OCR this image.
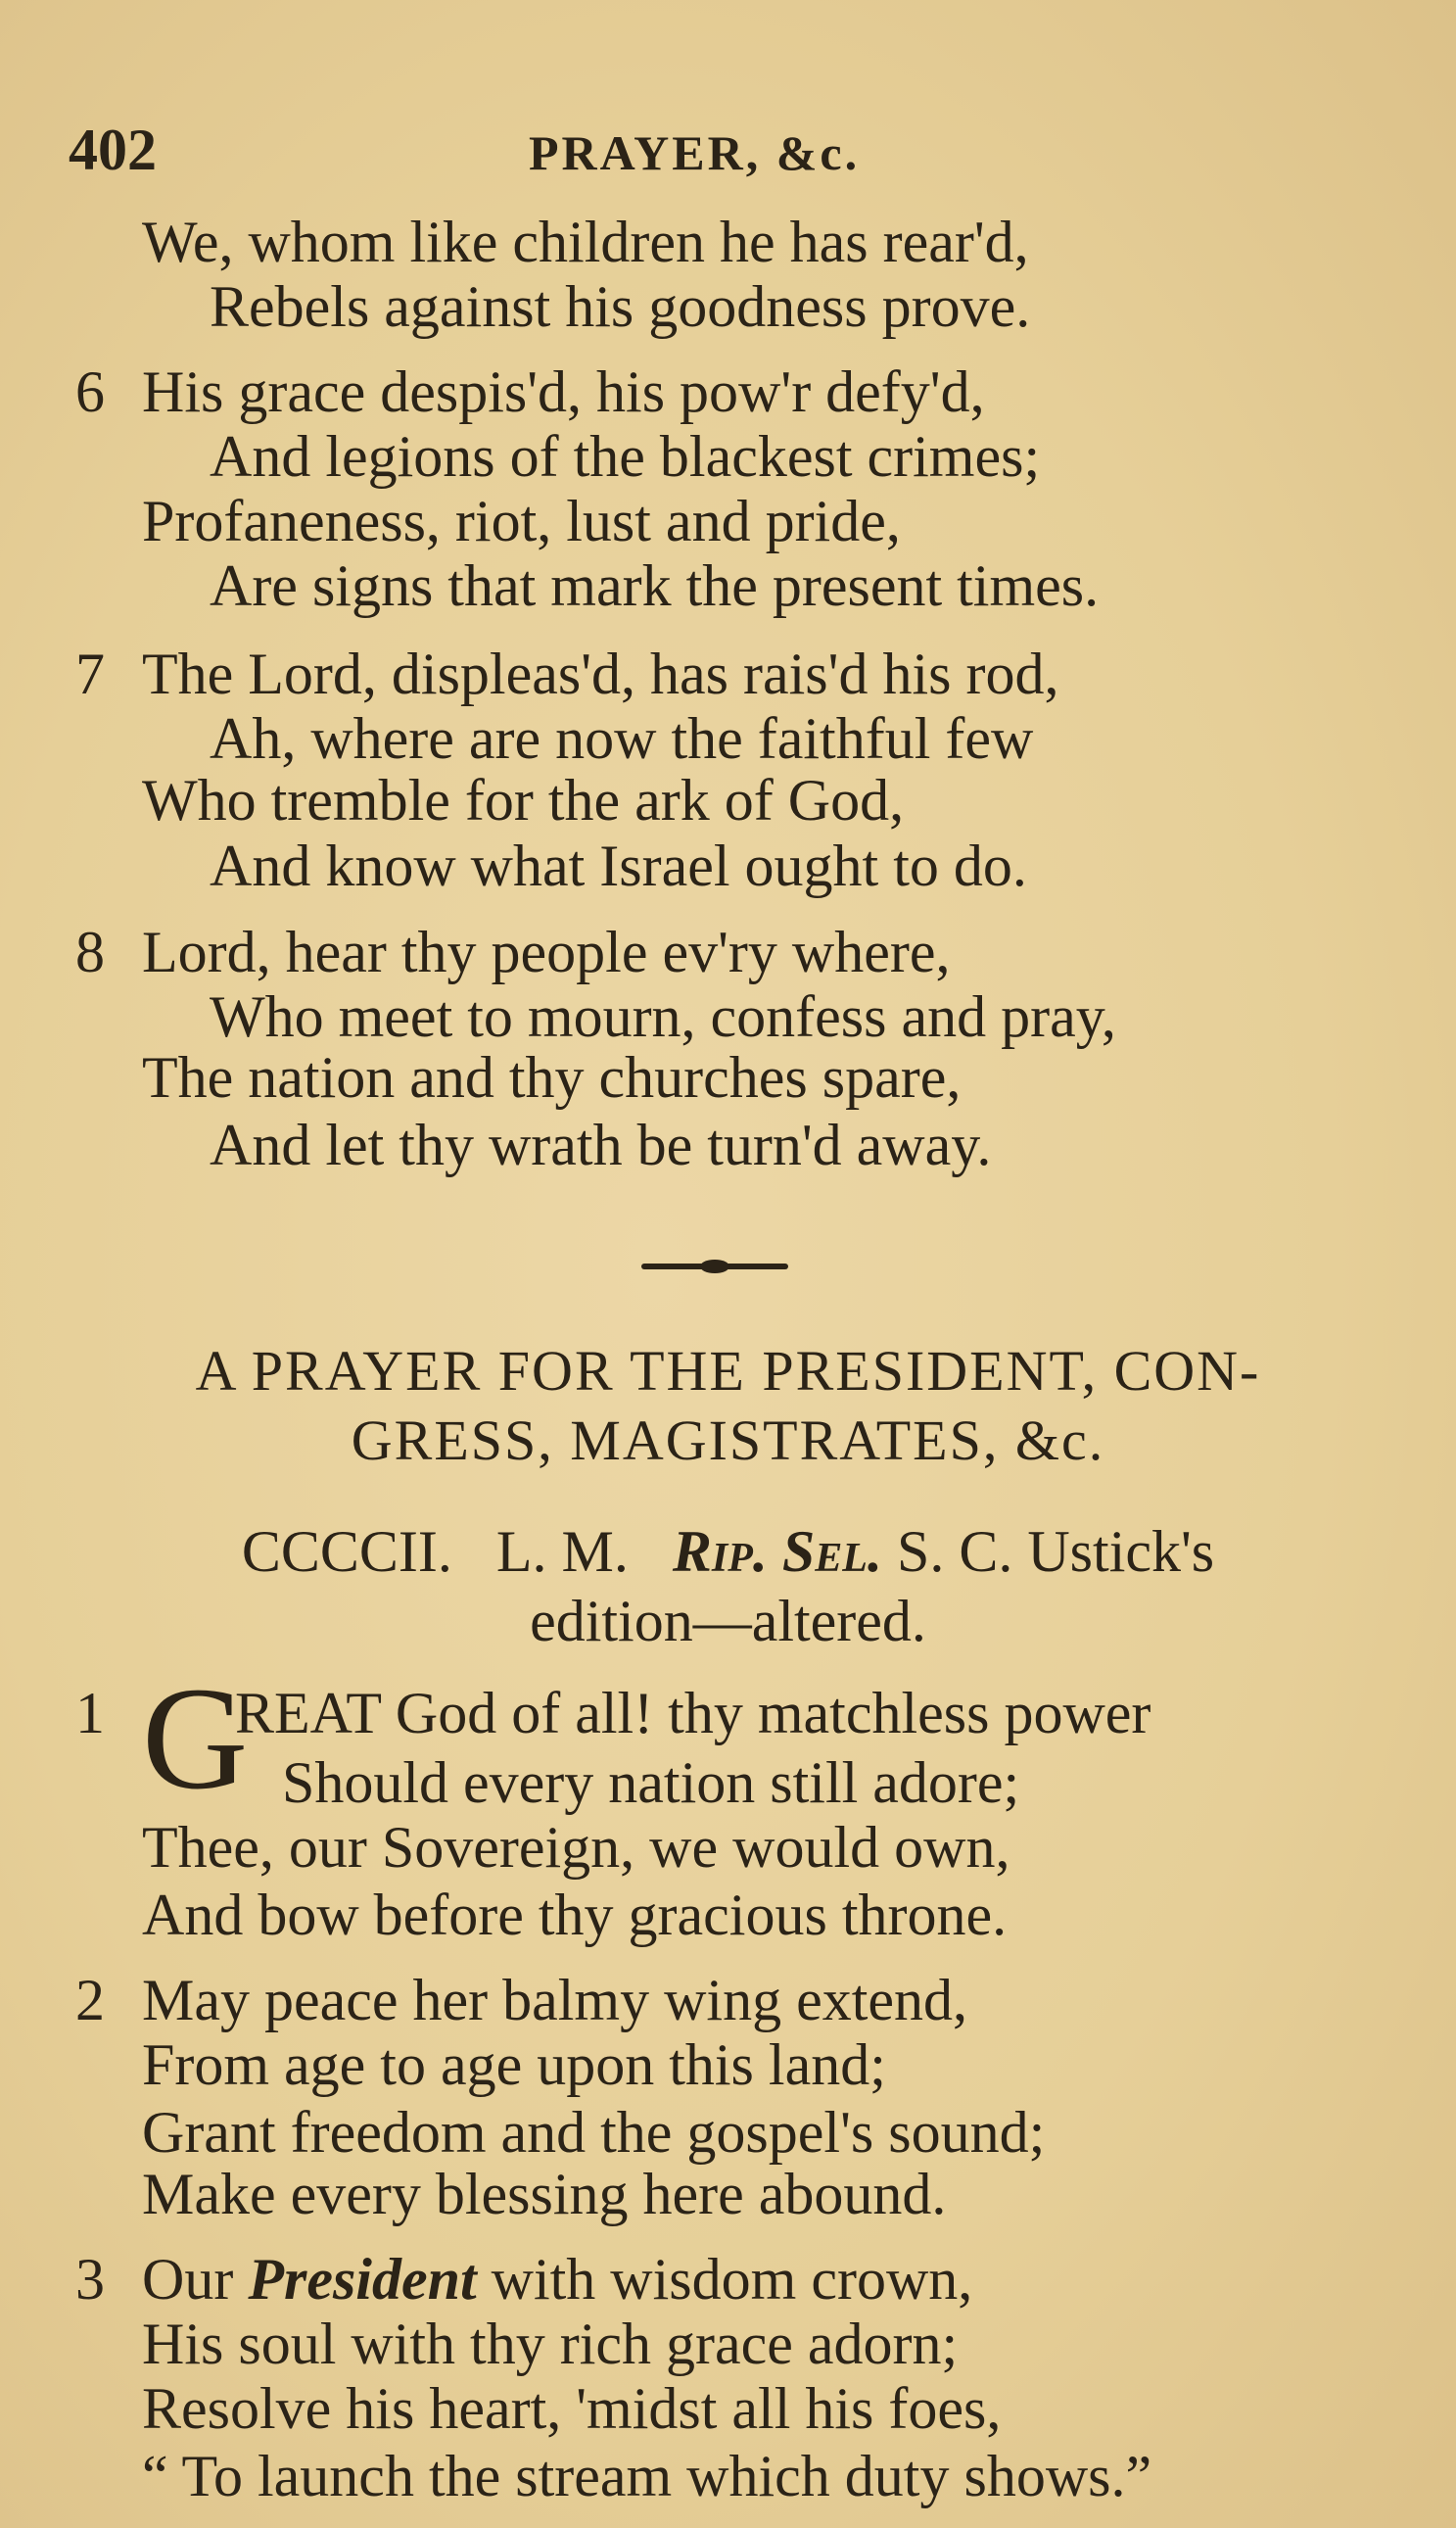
402	PRAYER, &c.
We, whom like children he has rear'd,
Rebels against his goodness prove.
6 His grace despis'd, his pow'r defy'd,
And legions of the blackest crimes;
Profaneness, riot, lust and pride,
Are signs that mark the present times.
7 The Lord, displeas'd, has rais'd his rod,
Ah, where are now the faithful few
Who tremble for the ark of God,
And know what Israel ought to do.
8 Lord, hear thy people ev'ry where,
Who meet to mourn, confess and pray,
The nation and thy churches spare,
And let thy wrath be turn'd away.
A PRAYER FOR THE PRESIDENT, CON-
GRESS, MAGISTRATES, &c.
CCCCII. L. M. Rip. Sel. S. C. Ustick's
edition—altered.
1 G
REAT God of all! thy matchless power
Should every nation still adore;
Thee, our Sovereign, we would own,
And bow before thy gracious throne.
2 May peace her balmy wing extend,
From age to age upon this land;
Grant freedom and the gospel's sound;
Make every blessing here abound.
3 Our President with wisdom crown,
His soul with thy rich grace adorn;
Resolve his heart, 'midst all his foes,
“ To launch the stream which duty shows.”
